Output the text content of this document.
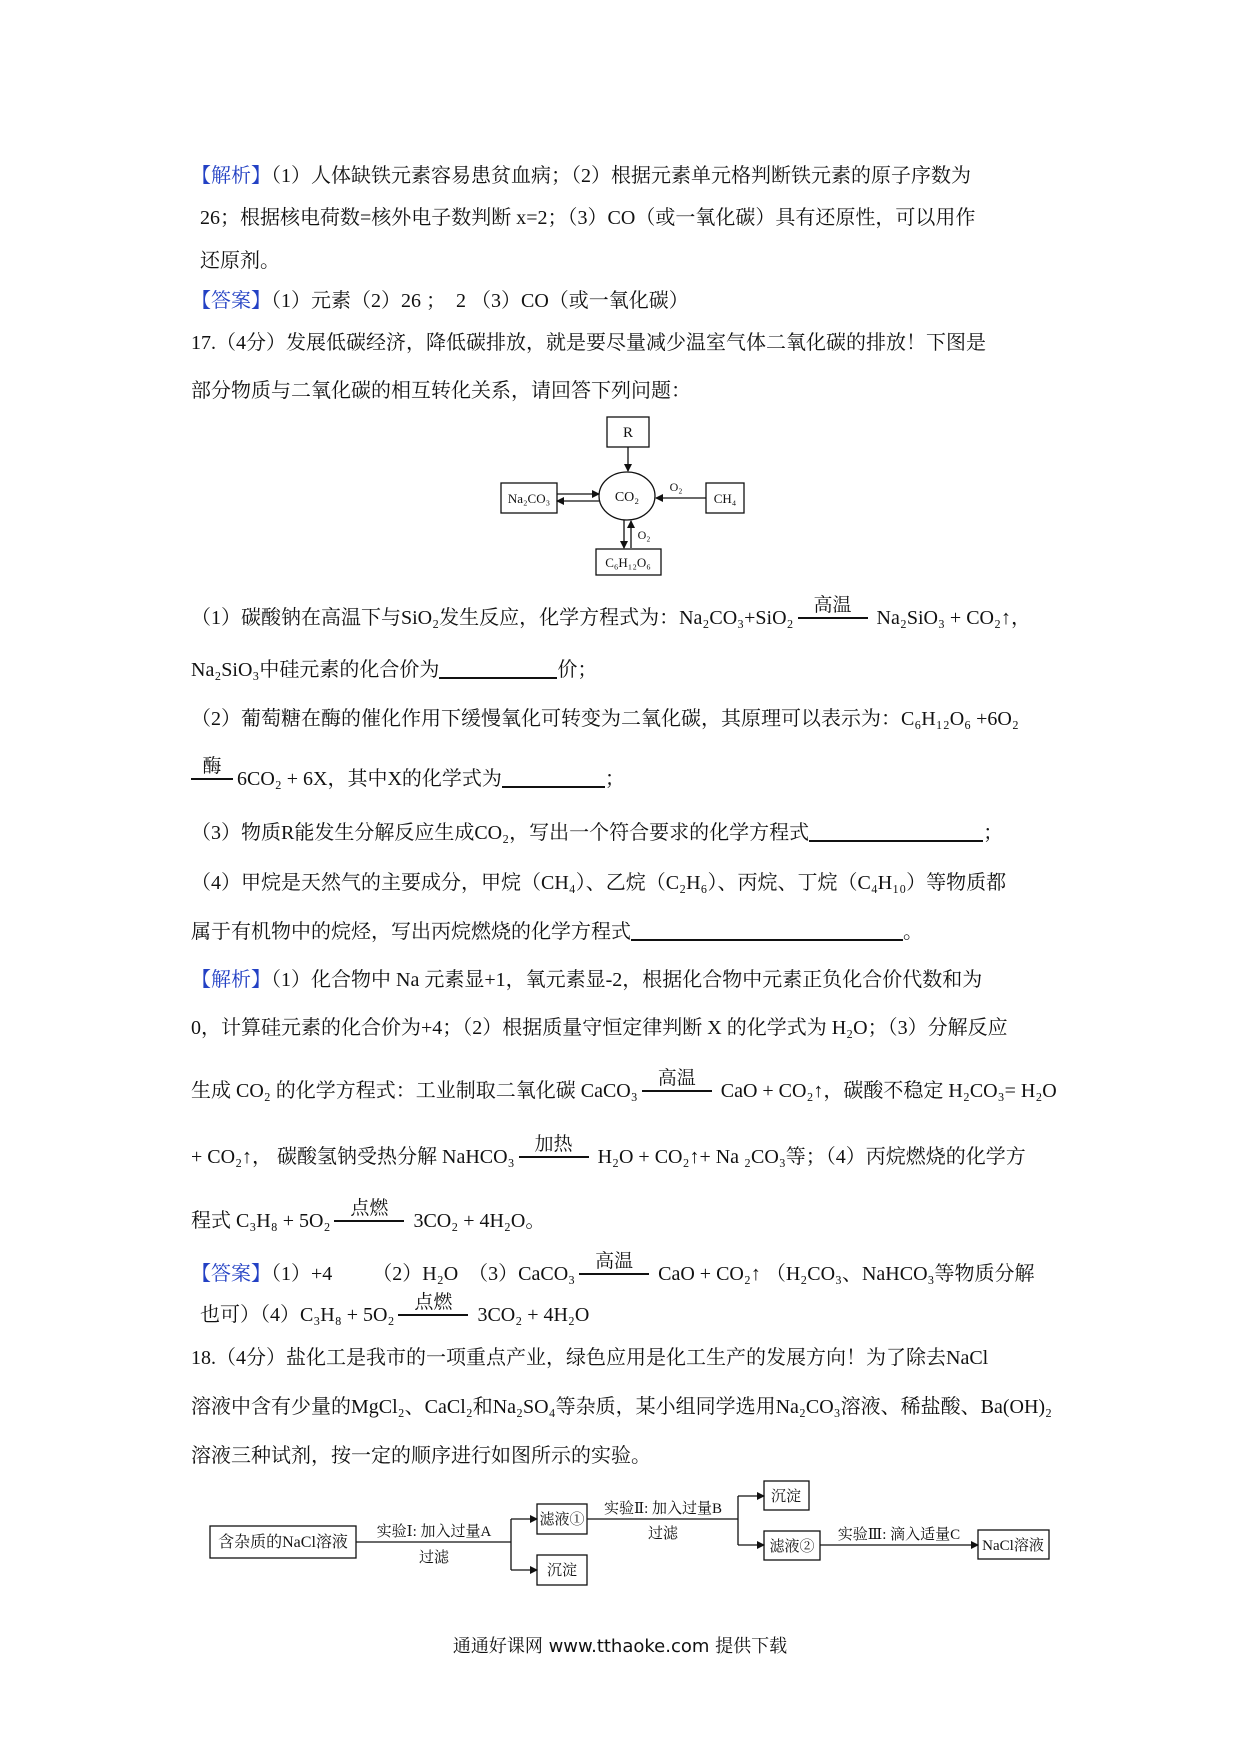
【解析】（1）人体缺铁元素容易患贫血病；（2）根据元素单元格判断铁元素的原子序数为
26；根据核电荷数=核外电子数判断 x=2；（3）CO（或一氧化碳）具有还原性，可以用作
还原剂。
【答案】（1）元素（2）26 ；  2 （3）CO（或一氧化碳）
17.（4分）发展低碳经济，降低碳排放，就是要尽量减少温室气体二氧化碳的排放！下图是
部分物质与二氧化碳的相互转化关系，请回答下列问题：
R
CO₂
Na₂CO₃	CH₄
O₂
C₆H₁₂O₆
O₂
（1）碳酸钠在高温下与SiO₂发生反应，化学方程式为：Na₂CO₃+SiO₂
高温
Na₂SiO₃ + CO₂↑，
Na₂SiO₃中硅元素的化合价为	价；
（2）葡萄糖在酶的催化作用下缓慢氧化可转变为二氧化碳，其原理可以表示为：C₆H₁₂O₆ +6O₂
酶
6CO₂ + 6X，其中X的化学式为	；
（3）物质R能发生分解反应生成CO₂，写出一个符合要求的化学方程式	；
（4）甲烷是天然气的主要成分，甲烷（CH₄）、乙烷（C₂H₆）、丙烷、丁烷（C₄H₁₀）等物质都
属于有机物中的烷烃，写出丙烷燃烧的化学方程式	。
【解析】（1）化合物中 Na 元素显+1，氧元素显-2，根据化合物中元素正负化合价代数和为
0，计算硅元素的化合价为+4；（2）根据质量守恒定律判断 X 的化学式为 H₂O；（3）分解反应
生成 CO₂ 的化学方程式：工业制取二氧化碳 CaCO₃
高温
CaO + CO₂↑，碳酸不稳定 H₂CO₃= H₂O
+ CO₂↑， 碳酸氢钠受热分解 NaHCO₃
加热
H₂O + CO₂↑+ Na ₂CO₃等；（4）丙烷燃烧的化学方
程式 C₃H₈ + 5O₂
点燃
3CO₂ + 4H₂O。
【答案】（1）+4        （2）H₂O  （3）CaCO₃
高温
CaO + CO₂↑ （H₂CO₃、NaHCO₃等物质分解
也可）（4）C₃H₈ + 5O₂
点燃
3CO₂ + 4H₂O
18.（4分）盐化工是我市的一项重点产业，绿色应用是化工生产的发展方向！为了除去NaCl
溶液中含有少量的MgCl₂、CaCl₂和Na₂SO₄等杂质，某小组同学选用Na₂CO₃溶液、稀盐酸、Ba(OH)₂
溶液三种试剂，按一定的顺序进行如图所示的实验。
含杂质的NaCl溶液
实验Ⅰ: 加入过量A
过滤
滤液①
沉淀
实验Ⅱ: 加入过量B
过滤
沉淀
滤液②
实验Ⅲ: 滴入适量C
NaCl溶液
通通好课网 www.tthaoke.com 提供下载
